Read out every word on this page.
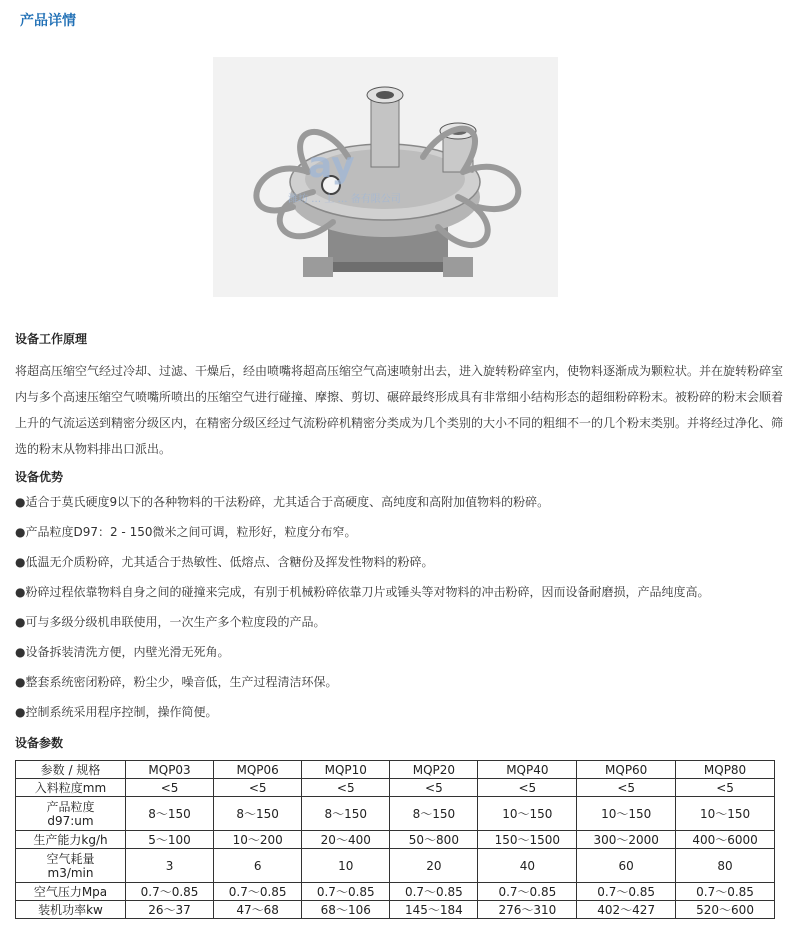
产品详情
ay
潍坊 … 上 … 备有限公司
设备工作原理
将超高压缩空气经过冷却、过滤、干燥后，经由喷嘴将超高压缩空气高速喷射出去，进入旋转粉碎室内，使物料逐渐成为颗粒状。并在旋转粉碎室内与多个高速压缩空气喷嘴所喷出的压缩空气进行碰撞、摩擦、剪切、碾碎最终形成具有非常细小结构形态的超细粉碎粉末。被粉碎的粉末会顺着上升的气流运送到精密分级区内，在精密分级区经过气流粉碎机精密分类成为几个类别的大小不同的粗细不一的几个粉末类别。并将经过净化、筛选的粉末从物料排出口派出。
设备优势
●适合于莫氏硬度9以下的各种物料的干法粉碎，尤其适合于高硬度、高纯度和高附加值物料的粉碎。
●产品粒度D97：2 - 150微米之间可调，粒形好，粒度分布窄。
●低温无介质粉碎，尤其适合于热敏性、低熔点、含糖份及挥发性物料的粉碎。
●粉碎过程依靠物料自身之间的碰撞来完成，有别于机械粉碎依靠刀片或锤头等对物料的冲击粉碎，因而设备耐磨损，产品纯度高。
●可与多级分级机串联使用，一次生产多个粒度段的产品。
●设备拆装清洗方便，内壁光滑无死角。
●整套系统密闭粉碎，粉尘少，噪音低，生产过程清洁环保。
●控制系统采用程序控制，操作简便。
设备参数
参数 / 规格	MQP03	MQP06	MQP10	MQP20	MQP40	MQP60	MQP80
入料粒度mm	<5	<5	<5	<5	<5	<5	<5

产品粒度
d97:um	8～150	8～150	8～150	8～150	10～150	10～150	10～150
生产能力kg/h	5～100	10～200	20～400	50～800	150～1500	300～2000	400～6000

空气耗量
m3/min	3	6	10	20	40	60	80
空气压力Mpa	0.7～0.85	0.7～0.85	0.7～0.85	0.7～0.85	0.7～0.85	0.7～0.85	0.7～0.85
装机功率kw	26～37	47～68	68～106	145～184	276～310	402～427	520～600
